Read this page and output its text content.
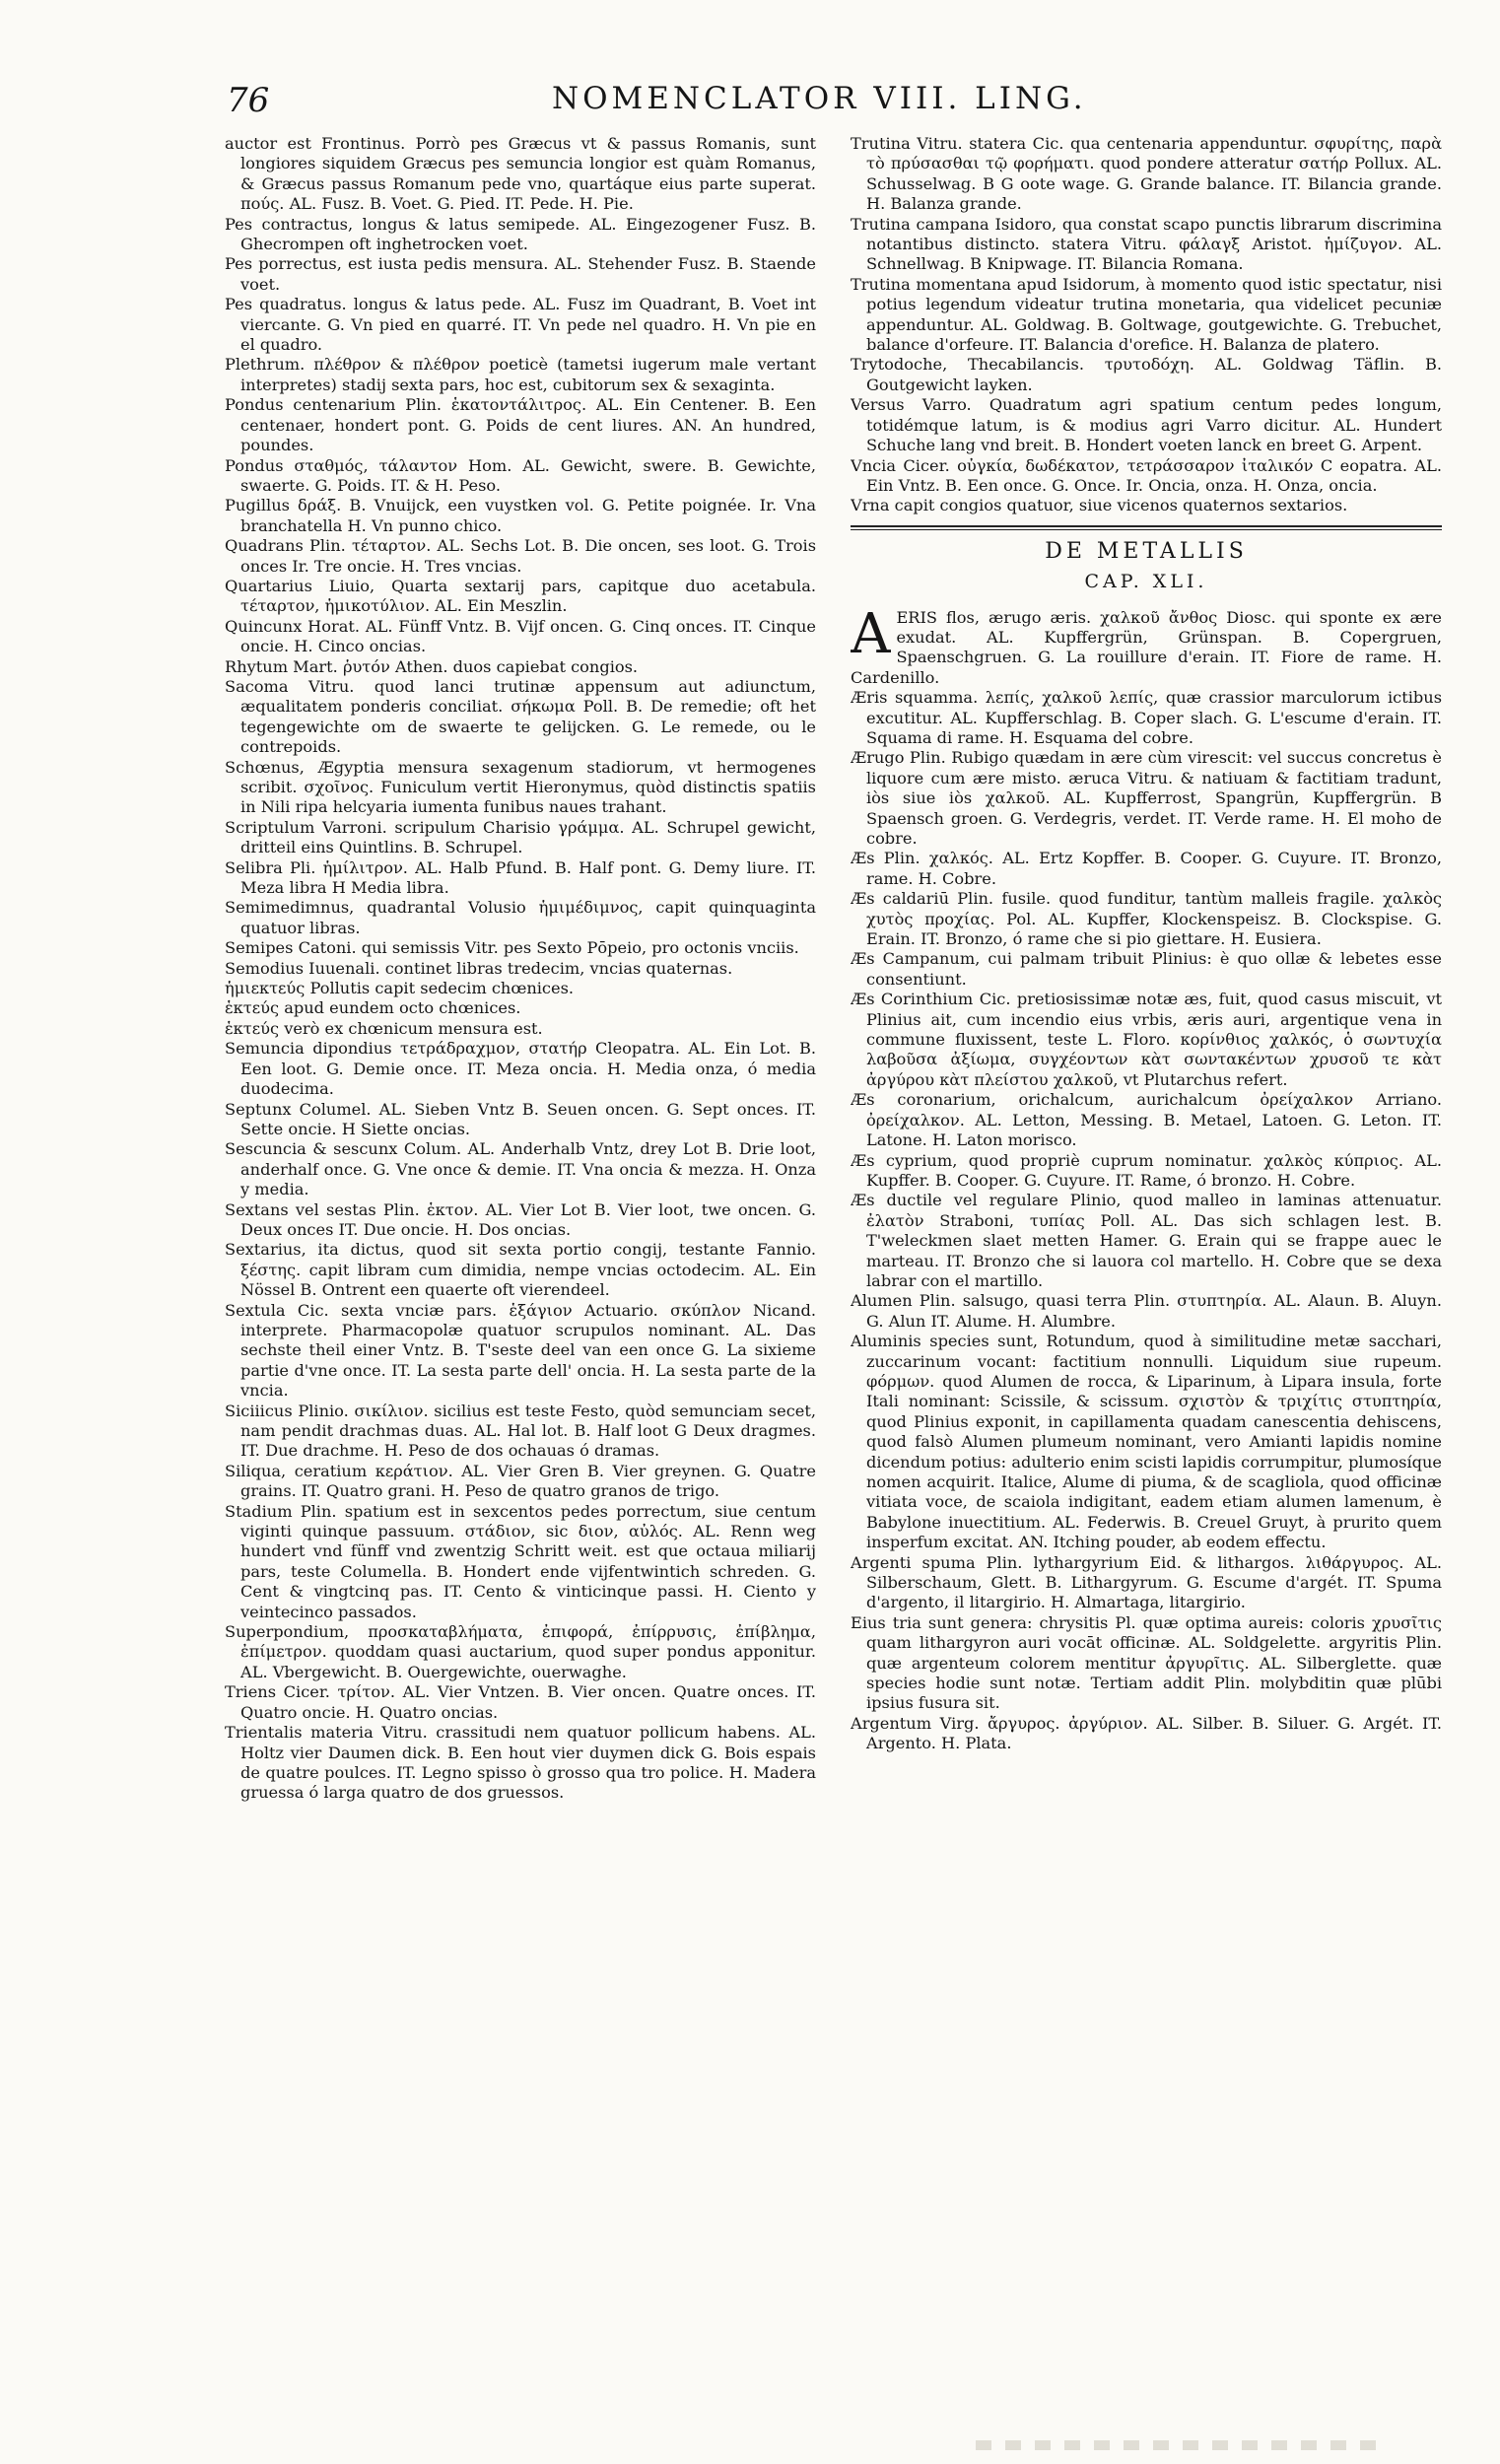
76	NOMENCLATOR VIII. LING.

auctor est Frontinus. Porrò pes Græcus vt & passus Romanis, sunt longiores siquidem Græcus pes semuncia longior est quàm Romanus, & Græcus passus Romanum pede vno, quartáque eius parte superat. πούς. AL. Fusz. B. Voet. G. Pied. IT. Pede. H. Pie.

Pes contractus, longus & latus semipede. AL. Eingezogener Fusz. B. Ghecrompen oft inghetrocken voet.

Pes porrectus, est iusta pedis mensura. AL. Stehender Fusz. B. Staende voet.

Pes quadratus. longus & latus pede. AL. Fusz im Quadrant, B. Voet int viercante. G. Vn pied en quarré. IT. Vn pede nel quadro. H. Vn pie en el quadro.

Plethrum. πλέθρον & πλέθρον poeticè (tametsi iugerum male vertant interpretes) stadij sexta pars, hoc est, cubitorum sex & sexaginta.

Pondus centenarium Plin. ἑκατοντάλιτρος. AL. Ein Centener. B. Een centenaer, hondert pont. G. Poids de cent liures. AN. An hundred, poundes.

Pondus σταθμός, τάλαντον Hom. AL. Gewicht, swere. B. Gewichte, swaerte. G. Poids. IT. & H. Peso.

Pugillus δράξ. B. Vnuijck, een vuystken vol. G. Petite poignée. Ir. Vna branchatella H. Vn punno chico.

Quadrans Plin. τέταρτον. AL. Sechs Lot. B. Die oncen, ses loot. G. Trois onces Ir. Tre oncie. H. Tres vncias.

Quartarius Liuio, Quarta sextarij pars, capitque duo acetabula. τέταρτον, ἡμικοτύλιον. AL. Ein Meszlin.

Quincunx Horat. AL. Fünff Vntz. B. Vijf oncen. G. Cinq onces. IT. Cinque oncie. H. Cinco oncias.

Rhytum Mart. ῥυτόν Athen. duos capiebat congios.

Sacoma Vitru. quod lanci trutinæ appensum aut adiunctum, æqualitatem ponderis conciliat. σήκωμα Poll. B. De remedie; oft het tegengewichte om de swaerte te gelijcken. G. Le remede, ou le contrepoids.

Schœnus, Ægyptia mensura sexagenum stadiorum, vt hermogenes scribit. σχοῖνος. Funiculum vertit Hieronymus, quòd distinctis spatiis in Nili ripa helcyaria iumenta funibus naues trahant.

Scriptulum Varroni. scripulum Charisio γράμμα. AL. Schrupel gewicht, dritteil eins Quintlins. B. Schrupel.

Selibra Pli. ἡμίλιτρον. AL. Halb Pfund. B. Half pont. G. Demy liure. IT. Meza libra H Media libra.

Semimedimnus, quadrantal Volusio ἡμιμέδιμνος, capit quinquaginta quatuor libras.

Semipes Catoni. qui semissis Vitr. pes Sexto Pōpeio, pro octonis vnciis.

Semodius Iuuenali. continet libras tredecim, vncias quaternas.

ἡμιεκτεύς Pollutis capit sedecim chœnices.

ἑκτεύς apud eundem octo chœnices.

ἑκτεύς verò ex chœnicum mensura est.

Semuncia dipondius τετράδραχμον, στατήρ Cleopatra. AL. Ein Lot. B. Een loot. G. Demie once. IT. Meza oncia. H. Media onza, ó media duodecima.

Septunx Columel. AL. Sieben Vntz B. Seuen oncen. G. Sept onces. IT. Sette oncie. H Siette oncias.

Sescuncia & sescunx Colum. AL. Anderhalb Vntz, drey Lot B. Drie loot, anderhalf once. G. Vne once & demie. IT. Vna oncia & mezza. H. Onza y media.

Sextans vel sestas Plin. ἑκτον. AL. Vier Lot B. Vier loot, twe oncen. G. Deux onces IT. Due oncie. H. Dos oncias.

Sextarius, ita dictus, quod sit sexta portio congij, testante Fannio. ξέστης. capit libram cum dimidia, nempe vncias octodecim. AL. Ein Nössel B. Ontrent een quaerte oft vierendeel.

Sextula Cic. sexta vnciæ pars. ἑξάγιον Actuario. σκύπλον Nicand. interprete. Pharmacopolæ quatuor scrupulos nominant. AL. Das sechste theil einer Vntz. B. T'seste deel van een once G. La sixieme partie d'vne once. IT. La sesta parte dell' oncia. H. La sesta parte de la vncia.

Siciiicus Plinio. σικίλιον. sicilius est teste Festo, quòd semunciam secet, nam pendit drachmas duas. AL. Hal lot. B. Half loot G Deux dragmes. IT. Due drachme. H. Peso de dos ochauas ó dramas.

Siliqua, ceratium κεράτιον. AL. Vier Gren B. Vier greynen. G. Quatre grains. IT. Quatro grani. H. Peso de quatro granos de trigo.

Stadium Plin. spatium est in sexcentos pedes porrectum, siue centum viginti quinque passuum. στάδιον, sic διον, αὐλός. AL. Renn weg hundert vnd fünff vnd zwentzig Schritt weit. est que octaua miliarij pars, teste Columella. B. Hondert ende vijfentwintich schreden. G. Cent & vingtcinq pas. IT. Cento & vinticinque passi. H. Ciento y veintecinco passados.

Superpondium, προσκαταβλήματα, ἐπιφορά, ἐπίρρυσις, ἐπίβλημα, ἐπίμετρον. quoddam quasi auctarium, quod super pondus apponitur. AL. Vbergewicht. B. Ouergewichte, ouerwaghe.

Triens Cicer. τρίτον. AL. Vier Vntzen. B. Vier oncen. Quatre onces. IT. Quatro oncie. H. Quatro oncias.

Trientalis materia Vitru. crassitudi nem quatuor pollicum habens. AL. Holtz vier Daumen dick. B. Een hout vier duymen dick G. Bois espais de quatre poulces. IT. Legno spisso ò grosso qua tro police. H. Madera gruessa ó larga quatro de dos gruessos.

Trutina Vitru. statera Cic. qua centenaria appenduntur. σφυρίτης, παρὰ τὸ πρύσασθαι τῷ φορήματι. quod pondere atteratur σατήρ Pollux. AL. Schusselwag. B G oote wage. G. Grande balance. IT. Bilancia grande. H. Balanza grande.

Trutina campana Isidoro, qua constat scapo punctis librarum discrimina notantibus distincto. statera Vitru. φάλαγξ Aristot. ἡμίζυγον. AL. Schnellwag. B Knipwage. IT. Bilancia Romana.

Trutina momentana apud Isidorum, à momento quod istic spectatur, nisi potius legendum videatur trutina monetaria, qua videlicet pecuniæ appenduntur. AL. Goldwag. B. Goltwage, goutgewichte. G. Trebuchet, balance d'orfeure. IT. Balancia d'orefice. H. Balanza de platero.

Trytodoche, Thecabilancis. τρυτοδόχη. AL. Goldwag Täflin. B. Goutgewicht layken.

Versus Varro. Quadratum agri spatium centum pedes longum, totidémque latum, is & modius agri Varro dicitur. AL. Hundert Schuche lang vnd breit. B. Hondert voeten lanck en breet G. Arpent.

Vncia Cicer. οὐγκία, δωδέκατον, τετράσσαρον ἰταλικόν C eopatra. AL. Ein Vntz. B. Een once. G. Once. Ir. Oncia, onza. H. Onza, oncia.

Vrna capit congios quatuor, siue vicenos quaternos sextarios.

DE METALLIS
CAP. XLI.

AERIS flos, ærugo æris. χαλκοῦ ἄνθος Diosc. qui sponte ex ære exudat. AL. Kupffergrün, Grünspan. B. Copergruen, Spaenschgruen. G. La rouillure d'erain. IT. Fiore de rame. H. Cardenillo.

Æris squamma. λεπίς, χαλκοῦ λεπίς, quæ crassior marculorum ictibus excutitur. AL. Kupfferschlag. B. Coper slach. G. L'escume d'erain. IT. Squama di rame. H. Esquama del cobre.

Ærugo Plin. Rubigo quædam in ære cùm virescit: vel succus concretus è liquore cum ære misto. æruca Vitru. & natiuam & factitiam tradunt, iòs siue iòs χαλκοῦ. AL. Kupfferrost, Spangrün, Kupffergrün. B Spaensch groen. G. Verdegris, verdet. IT. Verde rame. H. El moho de cobre.

Æs Plin. χαλκός. AL. Ertz Kopffer. B. Cooper. G. Cuyure. IT. Bronzo, rame. H. Cobre.

Æs caldariū Plin. fusile. quod funditur, tantùm malleis fragile. χαλκὸς χυτὸς προχίας. Pol. AL. Kupffer, Klockenspeisz. B. Clockspise. G. Erain. IT. Bronzo, ó rame che si pio giettare. H. Eusiera.

Æs Campanum, cui palmam tribuit Plinius: è quo ollæ & lebetes esse consentiunt.

Æs Corinthium Cic. pretiosissimæ notæ æs, fuit, quod casus miscuit, vt Plinius ait, cum incendio eius vrbis, æris auri, argentique vena in commune fluxissent, teste L. Floro. κορίνθιος χαλκός, ὁ σωντυχία λαβοῦσα ἀξίωμα, συγχέοντων κὰτ σωντακέντων χρυσοῦ τε κὰτ ἀργύρου κὰτ πλείστου χαλκοῦ, vt Plutarchus refert.

Æs coronarium, orichalcum, aurichalcum ὀρείχαλκον Arriano. ὀρείχαλκον. AL. Letton, Messing. B. Metael, Latoen. G. Leton. IT. Latone. H. Laton morisco.

Æs cyprium, quod propriè cuprum nominatur. χαλκὸς κύπριος. AL. Kupffer. B. Cooper. G. Cuyure. IT. Rame, ó bronzo. H. Cobre.

Æs ductile vel regulare Plinio, quod malleo in laminas attenuatur. ἐλατὸν Straboni, τυπίας Poll. AL. Das sich schlagen lest. B. T'weleckmen slaet metten Hamer. G. Erain qui se frappe auec le marteau. IT. Bronzo che si lauora col martello. H. Cobre que se dexa labrar con el martillo.

Alumen Plin. salsugo, quasi terra Plin. στυπτηρία. AL. Alaun. B. Aluyn. G. Alun IT. Alume. H. Alumbre.

Aluminis species sunt, Rotundum, quod à similitudine metæ sacchari, zuccarinum vocant: factitium nonnulli. Liquidum siue rupeum. φόρμων. quod Alumen de rocca, & Liparinum, à Lipara insula, forte Itali nominant: Scissile, & scissum. σχιστὸν & τριχίτις στυπτηρία, quod Plinius exponit, in capillamenta quadam canescentia dehiscens, quod falsò Alumen plumeum nominant, vero Amianti lapidis nomine dicendum potius: adulterio enim scisti lapidis corrumpitur, plumosíque nomen acquirit. Italice, Alume di piuma, & de scagliola, quod officinæ vitiata voce, de scaiola indigitant, eadem etiam alumen lamenum, è Babylone inuectitium. AL. Federwis. B. Creuel Gruyt, à prurito quem insperfum excitat. AN. Itching pouder, ab eodem effectu.

Argenti spuma Plin. lythargyrium Eid. & lithargos. λιθάργυρος. AL. Silberschaum, Glett. B. Lithargyrum. G. Escume d'argét. IT. Spuma d'argento, il litargirio. H. Almartaga, litargirio.

Eius tria sunt genera: chrysitis Pl. quæ optima aureis: coloris χρυσῖτις quam lithargyron auri vocāt officinæ. AL. Soldgelette. argyritis Plin. quæ argenteum colorem mentitur ἀργυρῖτις. AL. Silberglette. quæ species hodie sunt notæ. Tertiam addit Plin. molybditin quæ plūbi ipsius fusura sit.

Argentum Virg. ἄργυρος. ἀργύριον. AL. Silber. B. Siluer. G. Argét. IT. Argento. H. Plata.
